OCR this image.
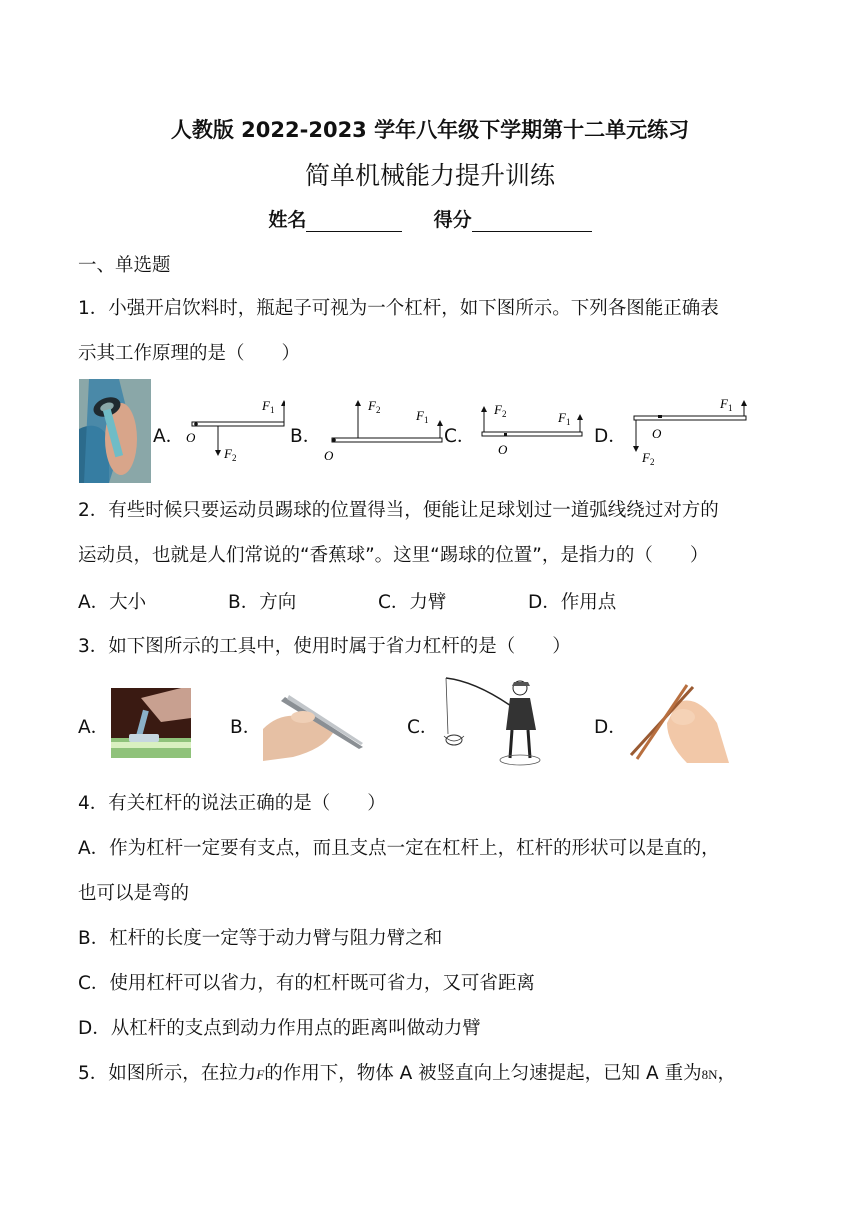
人教版 2022-2023 学年八年级下学期第十二单元练习
简单机械能力提升训练
姓名	得分
一、单选题
1．小强开启饮料时，瓶起子可视为一个杠杆，如下图所示。下列各图能正确表
示其工作原理的是（　　）
A．
F 1
F 2
O	B．
F 2	F 1
O
C．
F 2	F 1
O
D．
F 1
F 2
O
2．有些时候只要运动员踢球的位置得当，便能让足球划过一道弧线绕过对方的
运动员，也就是人们常说的“香蕉球”。这里“踢球的位置”，是指力的（　　）
A．大小	B．方向	C．力臂	D．作用点
3．如下图所示的工具中，使用时属于省力杠杆的是（　　）
A．	B．	C．	D．
4．有关杠杆的说法正确的是（　　）
A．作为杠杆一定要有支点，而且支点一定在杠杆上，杠杆的形状可以是直的，
也可以是弯的
B．杠杆的长度一定等于动力臂与阻力臂之和
C．使用杠杆可以省力，有的杠杆既可省力，又可省距离
D．从杠杆的支点到动力作用点的距离叫做动力臂
5．如图所示，在拉力F的作用下，物体 A 被竖直向上匀速提起，已知 A 重为8N，
